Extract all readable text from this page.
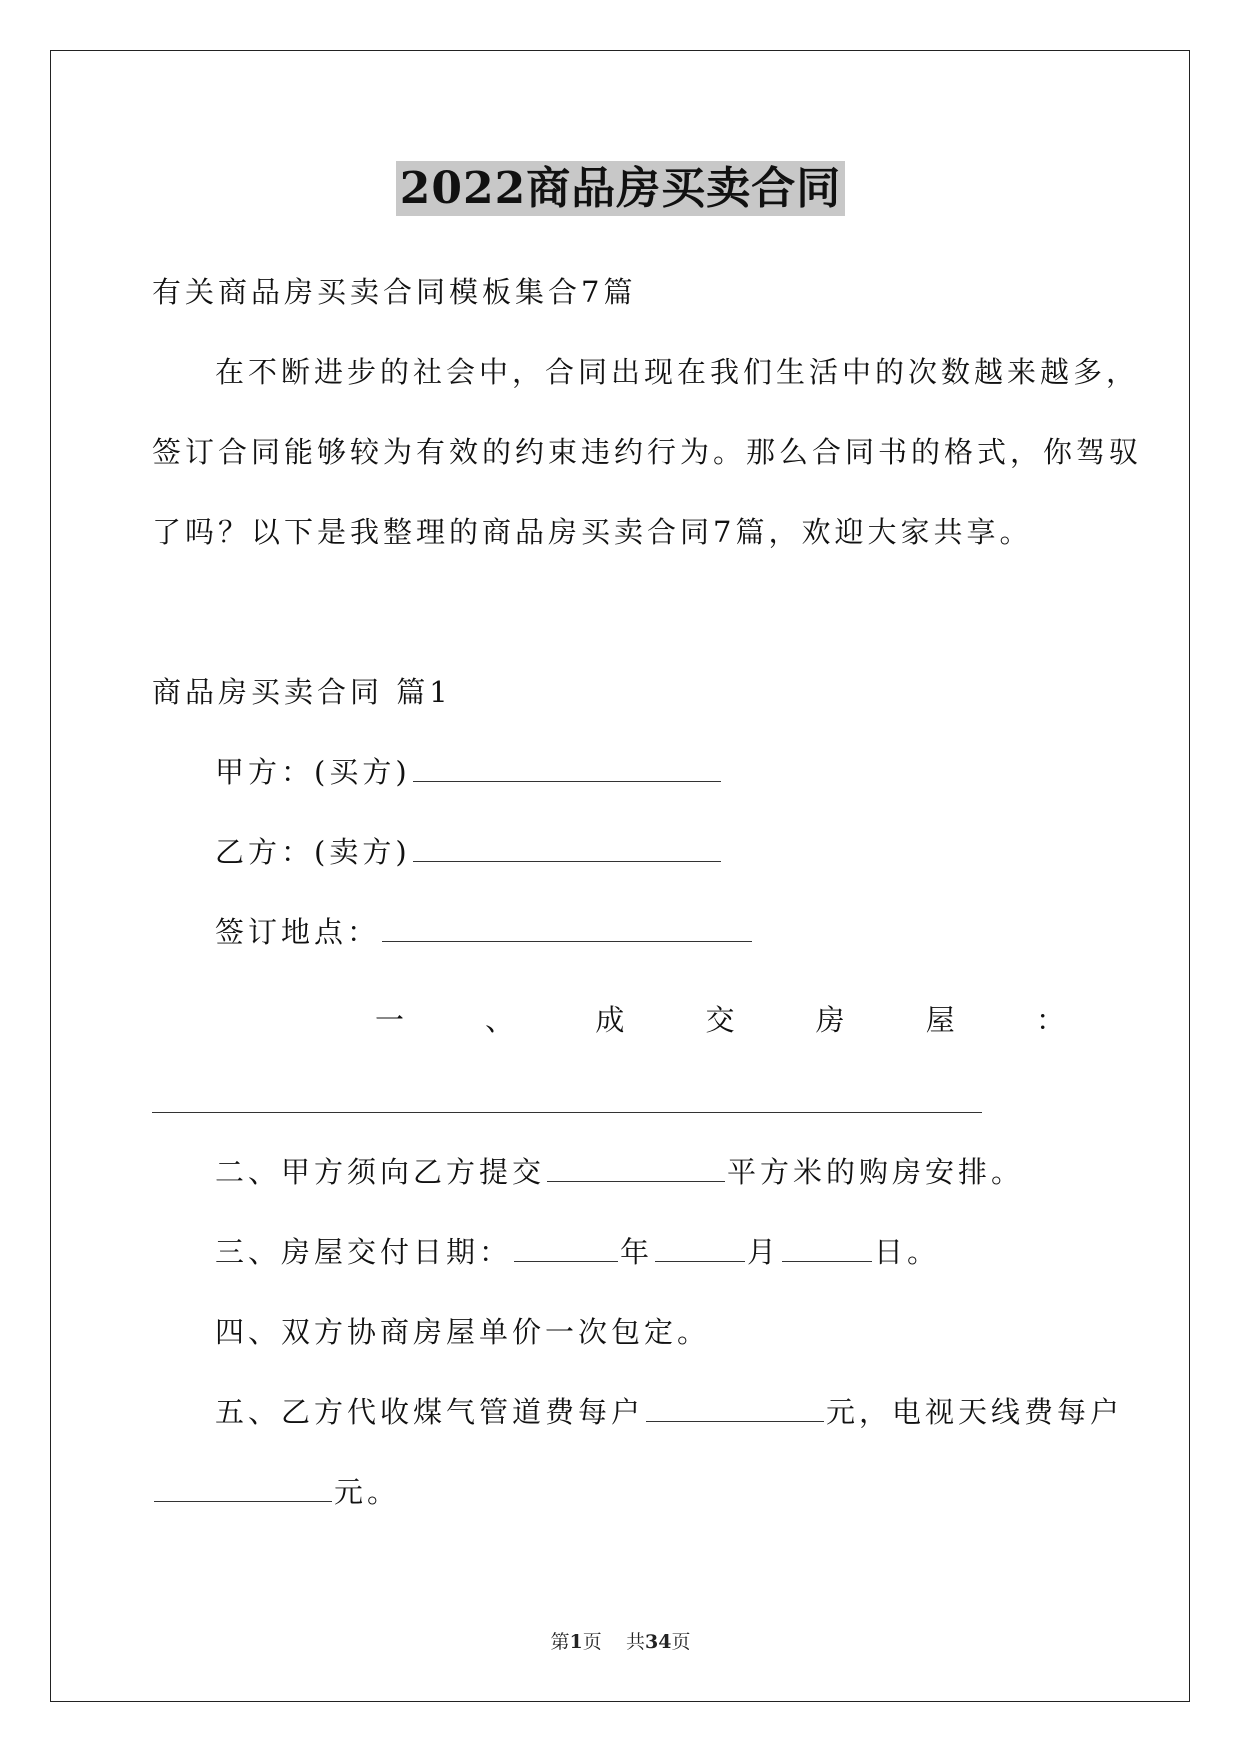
2022商品房买卖合同
有关商品房买卖合同模板集合7篇
在不断进步的社会中，合同出现在我们生活中的次数越来越多，
签订合同能够较为有效的约束违约行为。那么合同书的格式，你驾驭
了吗？以下是我整理的商品房买卖合同7篇，欢迎大家共享。
商品房买卖合同 篇1
甲方：(买方)
乙方：(卖方)
签订地点：
一	、	成	交	房	屋	：
二、甲方须向乙方提交	平方米的购房安排。
三、房屋交付日期：	年	月	日。
四、双方协商房屋单价一次包定。
五、乙方代收煤气管道费每户	元，电视天线费每户
元。
第1页 共34页
